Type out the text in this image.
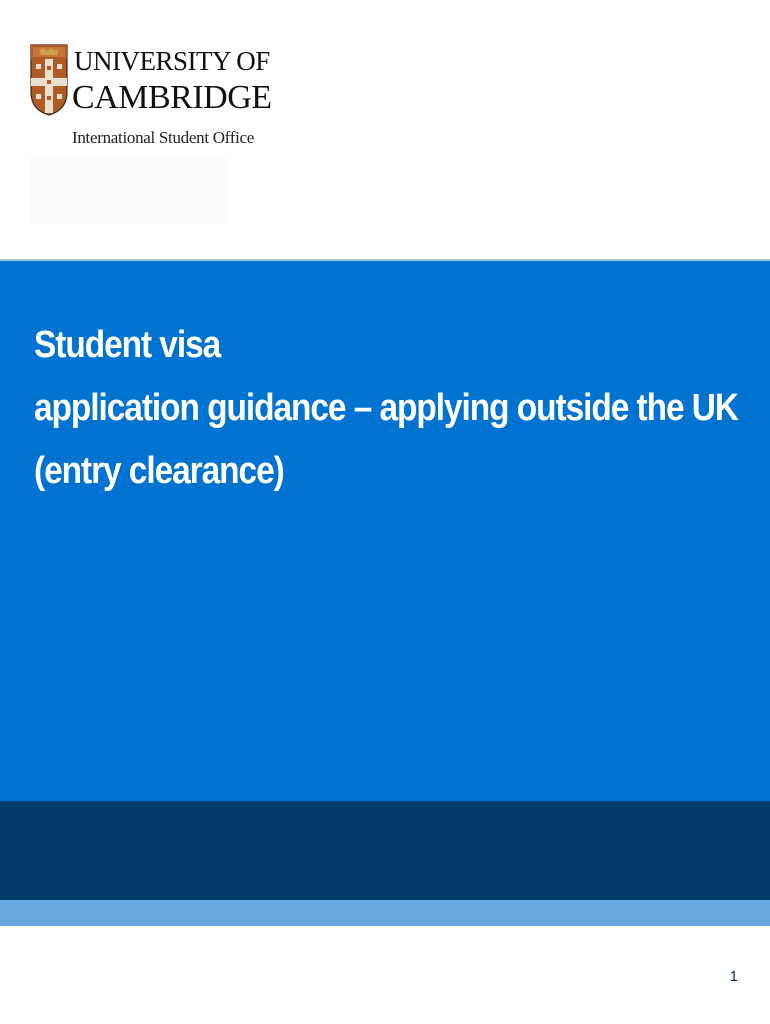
UNIVERSITY OF
CAMBRIDGE
International Student Office
Student visa
application guidance – applying outside the UK
(entry clearance)
1
